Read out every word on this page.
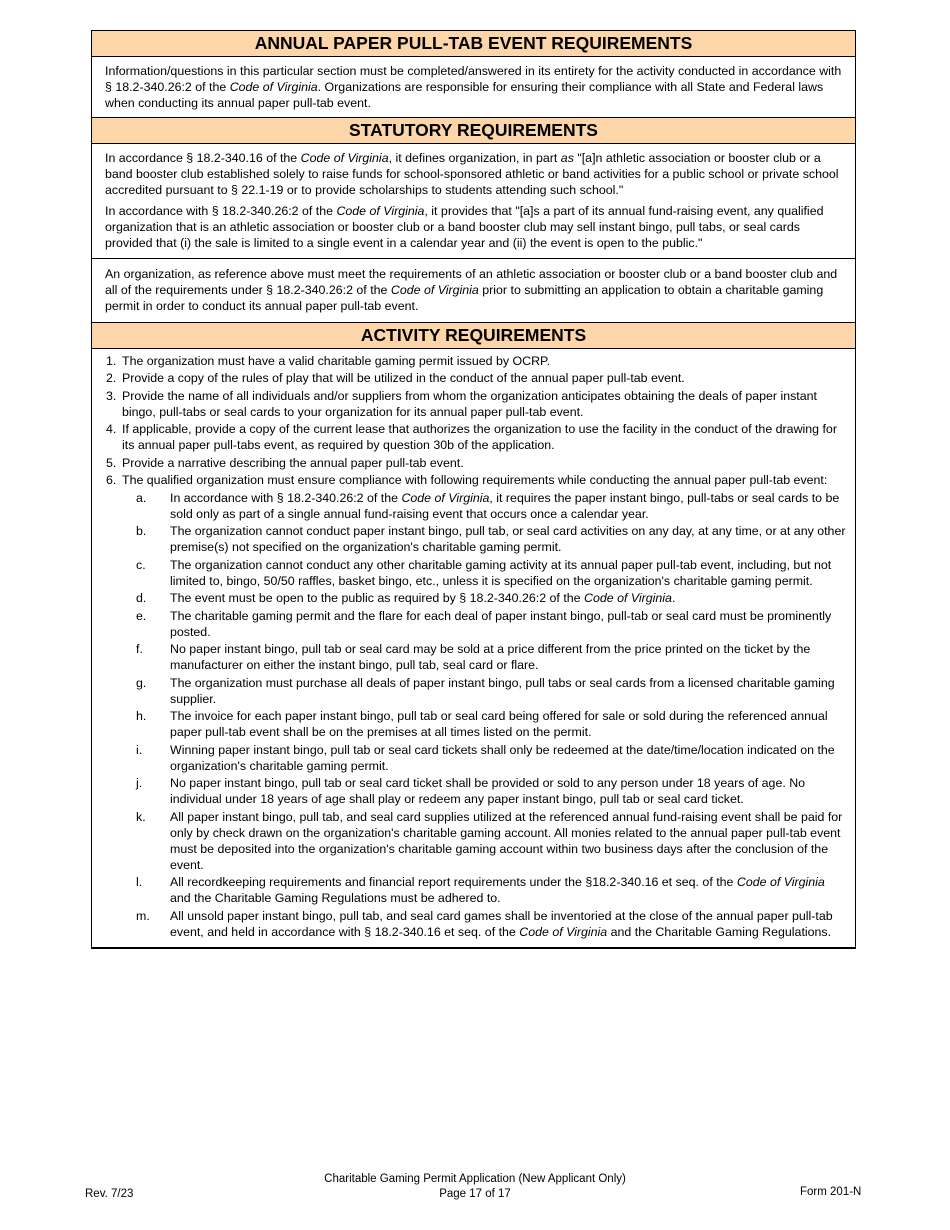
ANNUAL PAPER PULL-TAB EVENT REQUIREMENTS
Information/questions in this particular section must be completed/answered in its entirety for the activity conducted in accordance with § 18.2-340.26:2 of the Code of Virginia. Organizations are responsible for ensuring their compliance with all State and Federal laws when conducting its annual paper pull-tab event.
STATUTORY REQUIREMENTS
In accordance § 18.2-340.16 of the Code of Virginia, it defines organization, in part as "[a]n athletic association or booster club or a band booster club established solely to raise funds for school-sponsored athletic or band activities for a public school or private school accredited pursuant to § 22.1-19 or to provide scholarships to students attending such school."
In accordance with § 18.2-340.26:2 of the Code of Virginia, it provides that "[a]s a part of its annual fund-raising event, any qualified organization that is an athletic association or booster club or a band booster club may sell instant bingo, pull tabs, or seal cards provided that (i) the sale is limited to a single event in a calendar year and (ii) the event is open to the public."
An organization, as reference above must meet the requirements of an athletic association or booster club or a band booster club and all of the requirements under § 18.2-340.26:2 of the Code of Virginia prior to submitting an application to obtain a charitable gaming permit in order to conduct its annual paper pull-tab event.
ACTIVITY REQUIREMENTS
1. The organization must have a valid charitable gaming permit issued by OCRP.
2. Provide a copy of the rules of play that will be utilized in the conduct of the annual paper pull-tab event.
3. Provide the name of all individuals and/or suppliers from whom the organization anticipates obtaining the deals of paper instant bingo, pull-tabs or seal cards to your organization for its annual paper pull-tab event.
4. If applicable, provide a copy of the current lease that authorizes the organization to use the facility in the conduct of the drawing for its annual paper pull-tabs event, as required by question 30b of the application.
5. Provide a narrative describing the annual paper pull-tab event.
6. The qualified organization must ensure compliance with following requirements while conducting the annual paper pull-tab event:
a.	In accordance with § 18.2-340.26:2 of the Code of Virginia, it requires the paper instant bingo, pull-tabs or seal cards to be sold only as part of a single annual fund-raising event that occurs once a calendar year.
b.	The organization cannot conduct paper instant bingo, pull tab, or seal card activities on any day, at any time, or at any other premise(s) not specified on the organization's charitable gaming permit.
c.	The organization cannot conduct any other charitable gaming activity at its annual paper pull-tab event, including, but not limited to, bingo, 50/50 raffles, basket bingo, etc., unless it is specified on the organization's charitable gaming permit.
d.	The event must be open to the public as required by § 18.2-340.26:2 of the Code of Virginia.
e.	The charitable gaming permit and the flare for each deal of paper instant bingo, pull-tab or seal card must be prominently posted.
f.	No paper instant bingo, pull tab or seal card may be sold at a price different from the price printed on the ticket by the manufacturer on either the instant bingo, pull tab, seal card or flare.
g.	The organization must purchase all deals of paper instant bingo, pull tabs or seal cards from a licensed charitable gaming supplier.
h.	The invoice for each paper instant bingo, pull tab or seal card being offered for sale or sold during the referenced annual paper pull-tab event shall be on the premises at all times listed on the permit.
i.	Winning paper instant bingo, pull tab or seal card tickets shall only be redeemed at the date/time/location indicated on the organization's charitable gaming permit.
j.	No paper instant bingo, pull tab or seal card ticket shall be provided or sold to any person under 18 years of age. No individual under 18 years of age shall play or redeem any paper instant bingo, pull tab or seal card ticket.
k.	All paper instant bingo, pull tab, and seal card supplies utilized at the referenced annual fund-raising event shall be paid for only by check drawn on the organization's charitable gaming account. All monies related to the annual paper pull-tab event must be deposited into the organization's charitable gaming account within two business days after the conclusion of the event.
l.	All recordkeeping requirements and financial report requirements under the §18.2-340.16 et seq. of the Code of Virginia and the Charitable Gaming Regulations must be adhered to.
m.	All unsold paper instant bingo, pull tab, and seal card games shall be inventoried at the close of the annual paper pull-tab event, and held in accordance with § 18.2-340.16 et seq. of the Code of Virginia and the Charitable Gaming Regulations.
Rev. 7/23
Charitable Gaming Permit Application (New Applicant Only)
Page 17 of 17	Form 201-N
